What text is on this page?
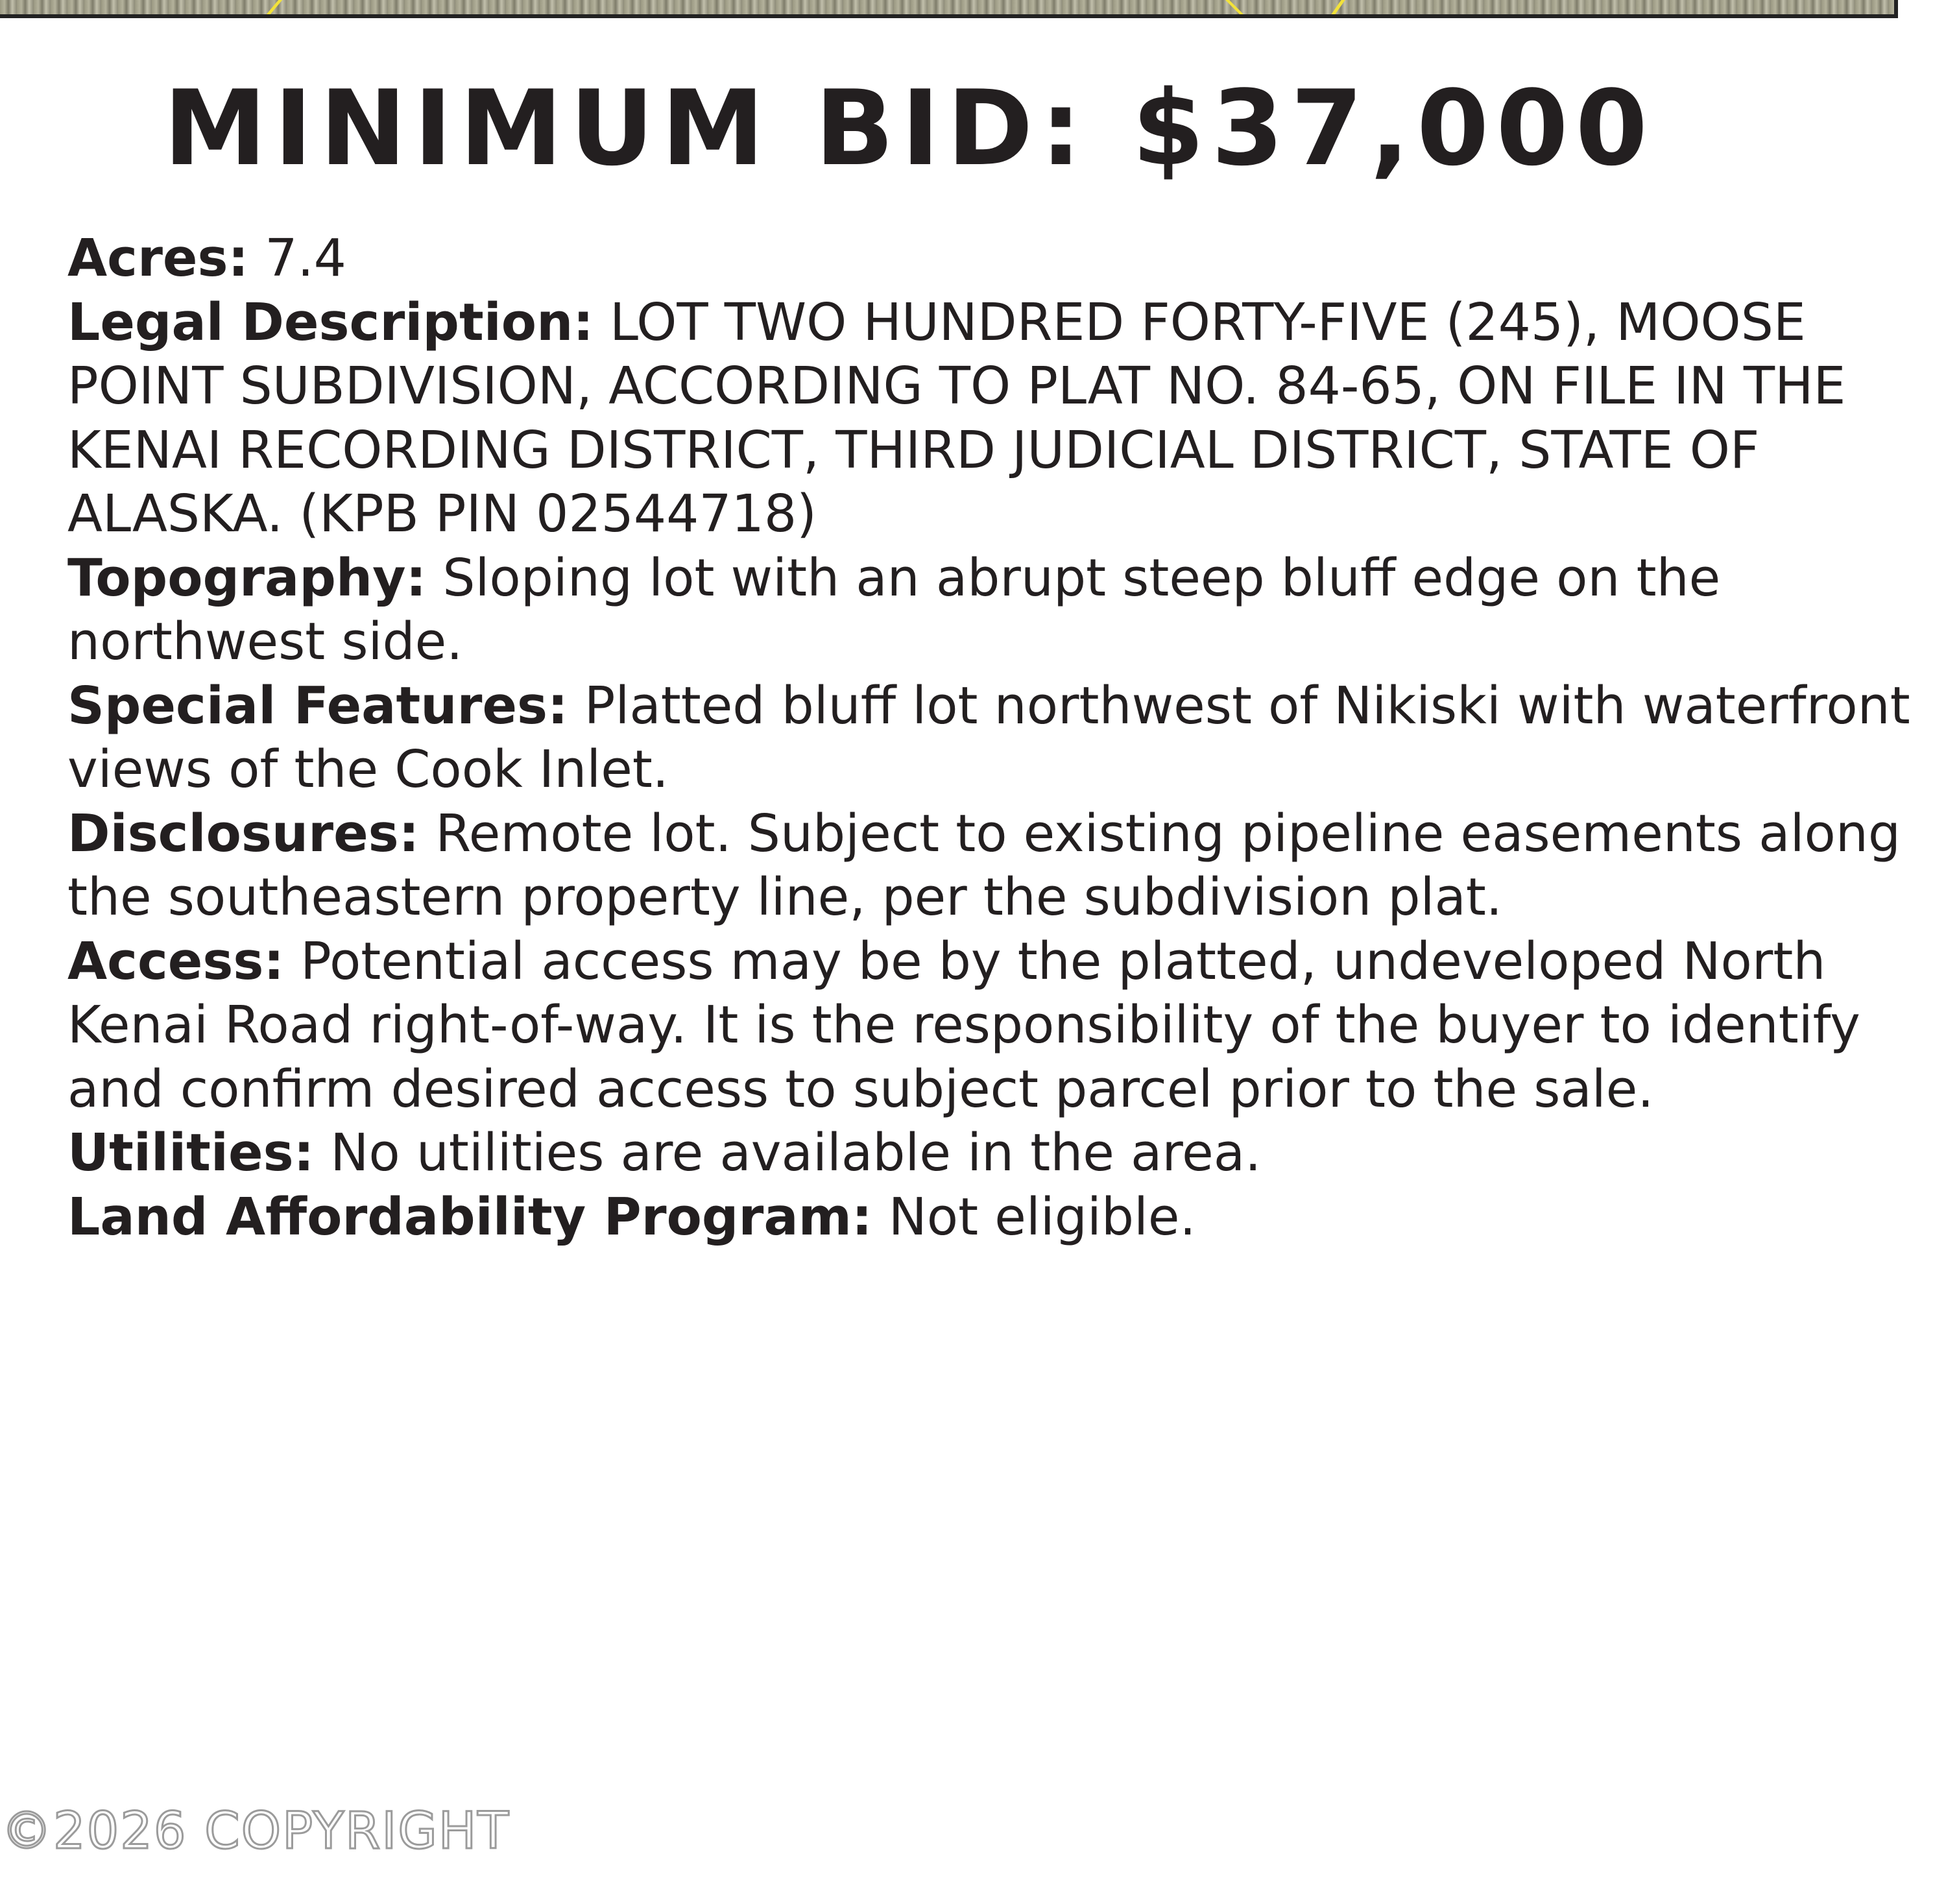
MINIMUM BID: $37,000

Acres: 7.4

Legal Description: LOT TWO HUNDRED FORTY-FIVE (245), MOOSE POINT SUBDIVISION, ACCORDING TO PLAT NO. 84-65, ON FILE IN THE KENAI RECORDING DISTRICT, THIRD JUDICIAL DISTRICT, STATE OF ALASKA. (KPB PIN 02544718)

Topography: Sloping lot with an abrupt steep bluff edge on the northwest side.

Special Features: Platted bluff lot northwest of Nikiski with waterfront views of the Cook Inlet.

Disclosures: Remote lot. Subject to existing pipeline easements along the southeastern property line, per the subdivision plat.

Access: Potential access may be by the platted, undeveloped North Kenai Road right-of-way. It is the responsibility of the buyer to identify and confirm desired access to subject parcel prior to the sale.

Utilities: No utilities are available in the area.

Land Affordability Program: Not eligible.

©2026 COPYRIGHT
